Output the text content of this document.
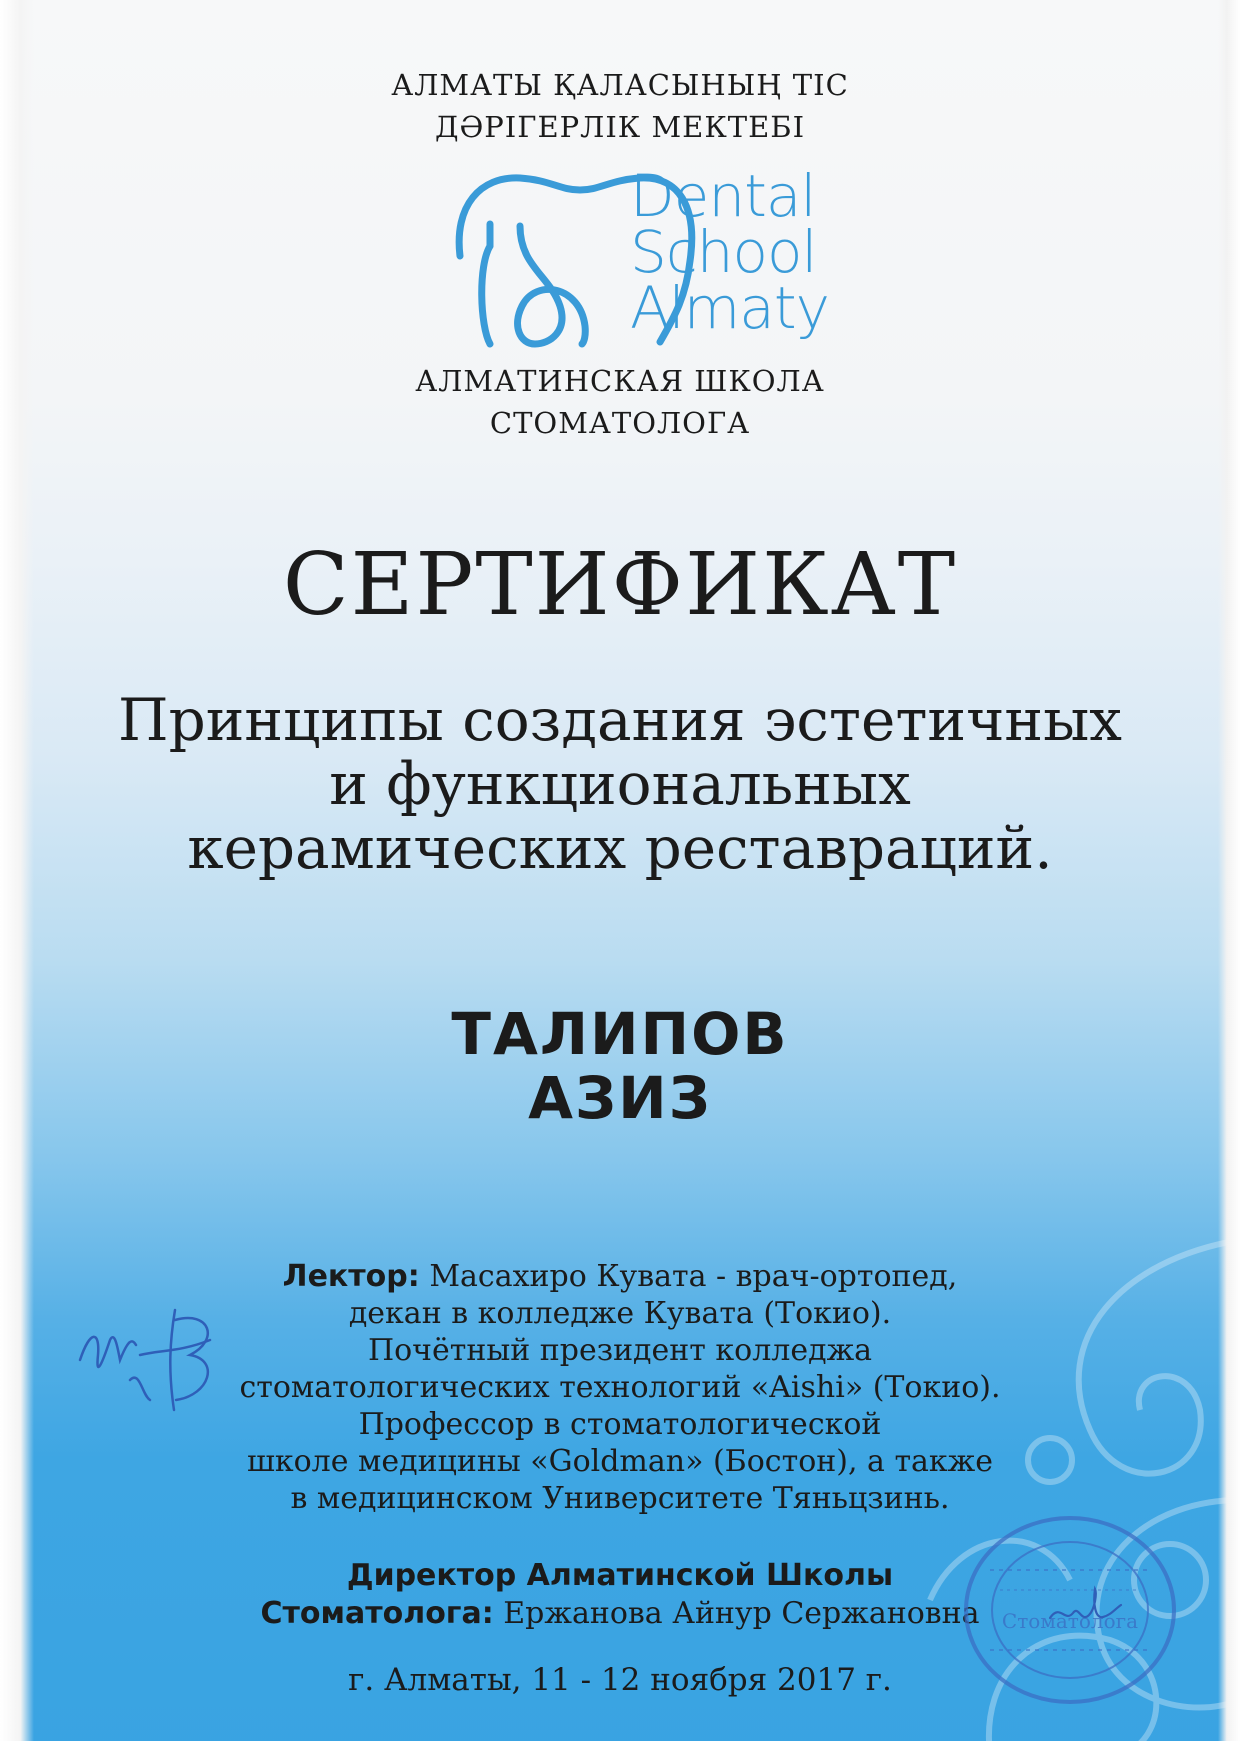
АЛМАТЫ ҚАЛАСЫНЫҢ ТІС
ДӘРІГЕРЛІК МЕКТЕБІ
Dental
School
Almaty
АЛМАТИНСКАЯ ШКОЛА
СТОМАТОЛОГА
СЕРТИФИКАТ
Принципы создания эстетичных
и функциональных
керамических реставраций.
ТАЛИПОВ
АЗИЗ
Лектор: Масахиро Кувата - врач-ортопед,
декан в колледже Кувата (Токио).
Почётный президент колледжа
стоматологических технологий «Aishi» (Токио).
Профессор в стоматологической
школе медицины «Goldman» (Бостон), а также
в медицинском Университете Тяньцзинь.
Директор Алматинской Школы
Стоматолога: Ержанова Айнур Сержановна
г. Алматы, 11 - 12 ноября 2017 г.
Стоматолога
